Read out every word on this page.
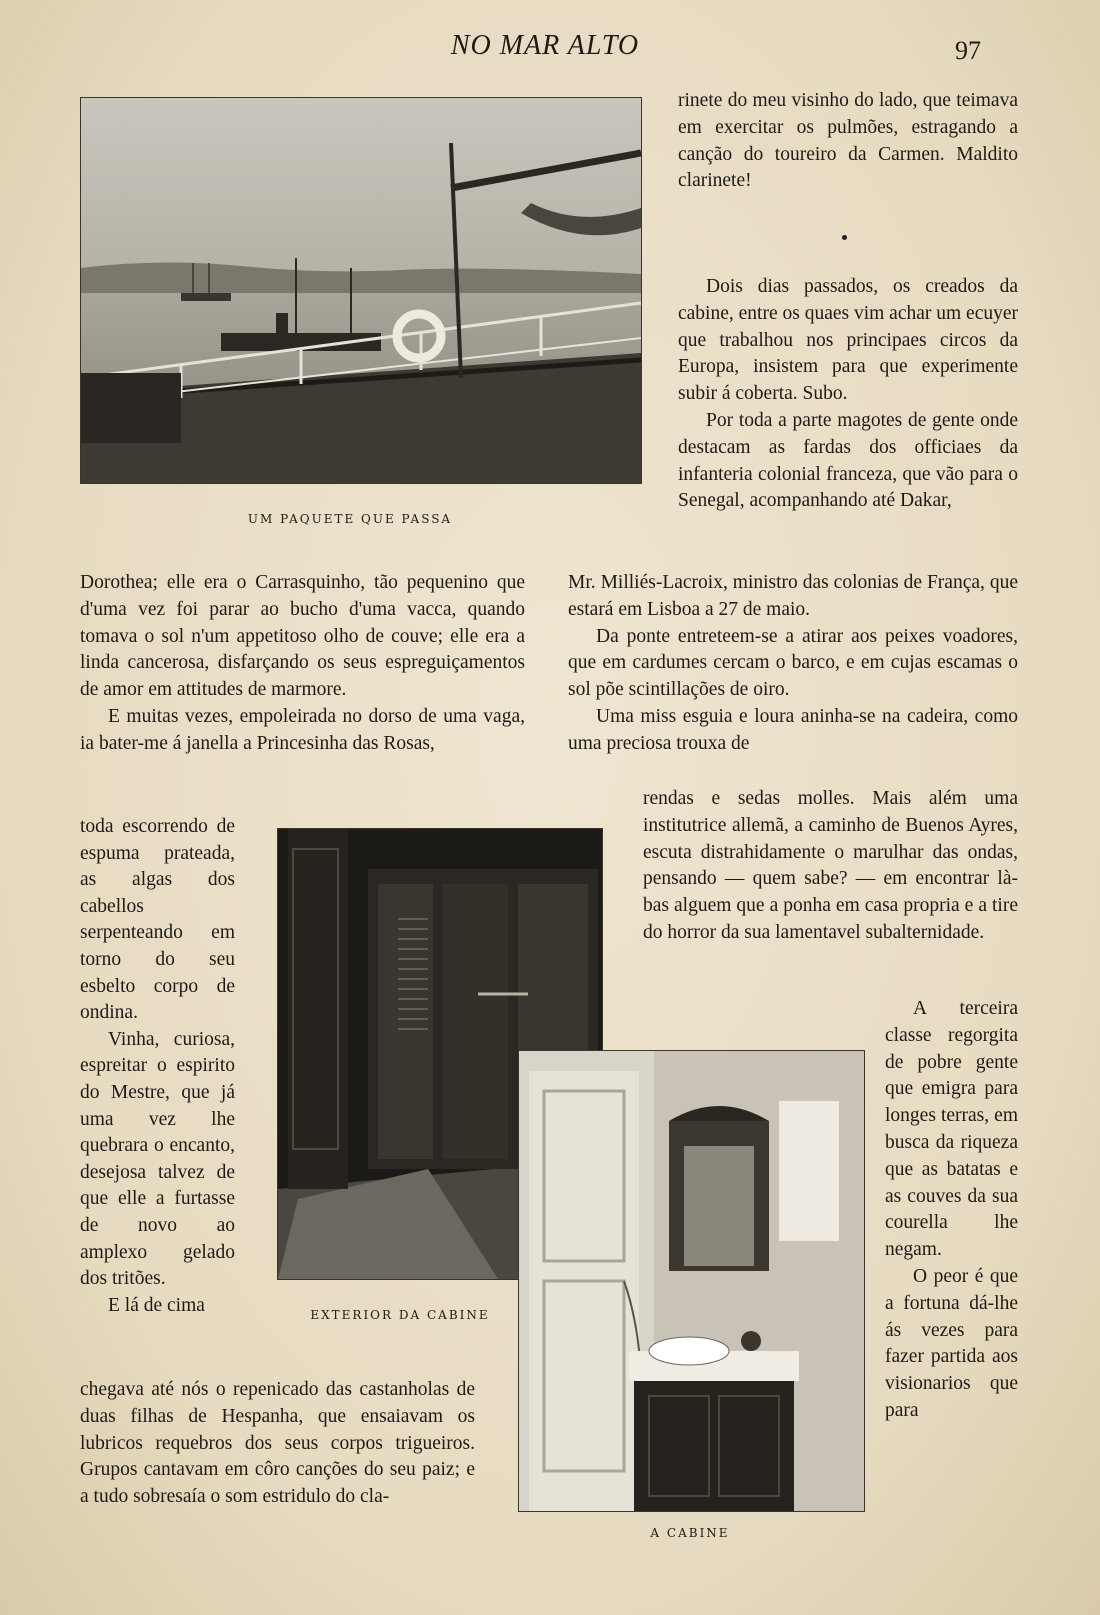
NO MAR ALTO	97
UM PAQUETE QUE PASSA

rinete do meu visinho do lado, que teimava em exercitar os pulmões, estragando a canção do toureiro da Carmen. Maldito clarinete!

Dois dias passados, os creados da cabine, entre os quaes vim achar um ecuyer que trabalhou nos principaes circos da Europa, insistem para que experimente subir á coberta. Subo.

Por toda a parte magotes de gente onde destacam as fardas dos officiaes da infanteria colonial franceza, que vão para o Senegal, acompanhando até Dakar,

Dorothea; elle era o Carrasquinho, tão pequenino que d'uma vez foi parar ao bucho d'uma vacca, quando tomava o sol n'um appetitoso olho de couve; elle era a linda cancerosa, disfarçando os seus espreguiçamentos de amor em attitudes de marmore.

E muitas vezes, empoleirada no dorso de uma vaga, ia bater-me á janella a Princesinha das Rosas,

Mr. Milliés-Lacroix, ministro das colonias de França, que estará em Lisboa a 27 de maio.

Da ponte entreteem-se a atirar aos peixes voadores, que em cardumes cercam o barco, e em cujas escamas o sol põe scintillações de oiro.

Uma miss esguia e loura aninha-se na cadeira, como uma preciosa trouxa de

toda escorrendo de espuma prateada, as algas dos cabellos serpenteando em torno do seu esbelto corpo de ondina.

Vinha, curiosa, espreitar o espirito do Mestre, que já uma vez lhe quebrara o encanto, desejosa talvez de que elle a furtasse de novo ao amplexo gelado dos tritões.

E lá de cima	EXTERIOR DA CABINE

rendas e sedas molles. Mais além uma institutrice allemã, a caminho de Buenos Ayres, escuta distrahidamente o marulhar das ondas, pensando — quem sabe? — em encontrar là-bas alguem que a ponha em casa propria e a tire do horror da sua lamentavel subalternidade.

A CABINE

A terceira classe regorgita de pobre gente que emigra para longes terras, em busca da riqueza que as batatas e as couves da sua courella lhe negam.

O peor é que a fortuna dá-lhe ás vezes para fazer partida aos visionarios que para

chegava até nós o repenicado das castanholas de duas filhas de Hespanha, que ensaiavam os lubricos requebros dos seus corpos trigueiros. Grupos cantavam em côro canções do seu paiz; e a tudo sobresaía o som estridulo do cla-
